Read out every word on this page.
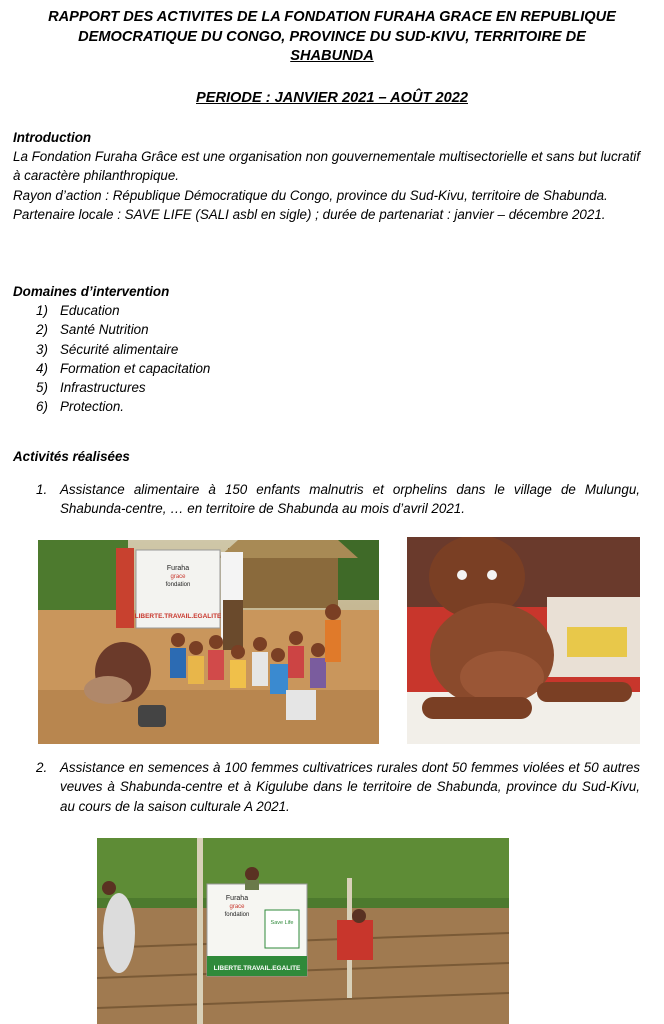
RAPPORT DES ACTIVITES DE LA FONDATION FURAHA GRACE EN REPUBLIQUE
DEMOCRATIQUE DU CONGO, PROVINCE DU SUD-KIVU, TERRITOIRE DE
SHABUNDA
PERIODE : JANVIER 2021 – AOÛT 2022
Introduction
La Fondation Furaha Grâce est une organisation non gouvernementale multisectorielle et sans but lucratif à caractère philanthropique.
Rayon d’action : République Démocratique du Congo, province du Sud-Kivu, territoire de Shabunda.
Partenaire locale : SAVE LIFE (SALI asbl en sigle) ; durée de partenariat : janvier – décembre 2021.
Domaines d’intervention
1) Education
2) Santé Nutrition
3) Sécurité alimentaire
4) Formation et capacitation
5) Infrastructures
6) Protection.
Activités réalisées
1. Assistance alimentaire à 150 enfants malnutris et orphelins dans le village de Mulungu, Shabunda-centre, … en territoire de Shabunda au mois d’avril 2021.
Furaha
grace
fondation
LIBERTE.TRAVAIL.EGALITE
2. Assistance en semences à 100 femmes cultivatrices rurales dont 50 femmes violées et 50 autres veuves à Shabunda-centre et à Kigulube dans le territoire de Shabunda, province du Sud-Kivu, au cours de la saison culturale A 2021.
Furaha
grace
fondation
Save Life
LIBERTE.TRAVAIL.EGALITE
